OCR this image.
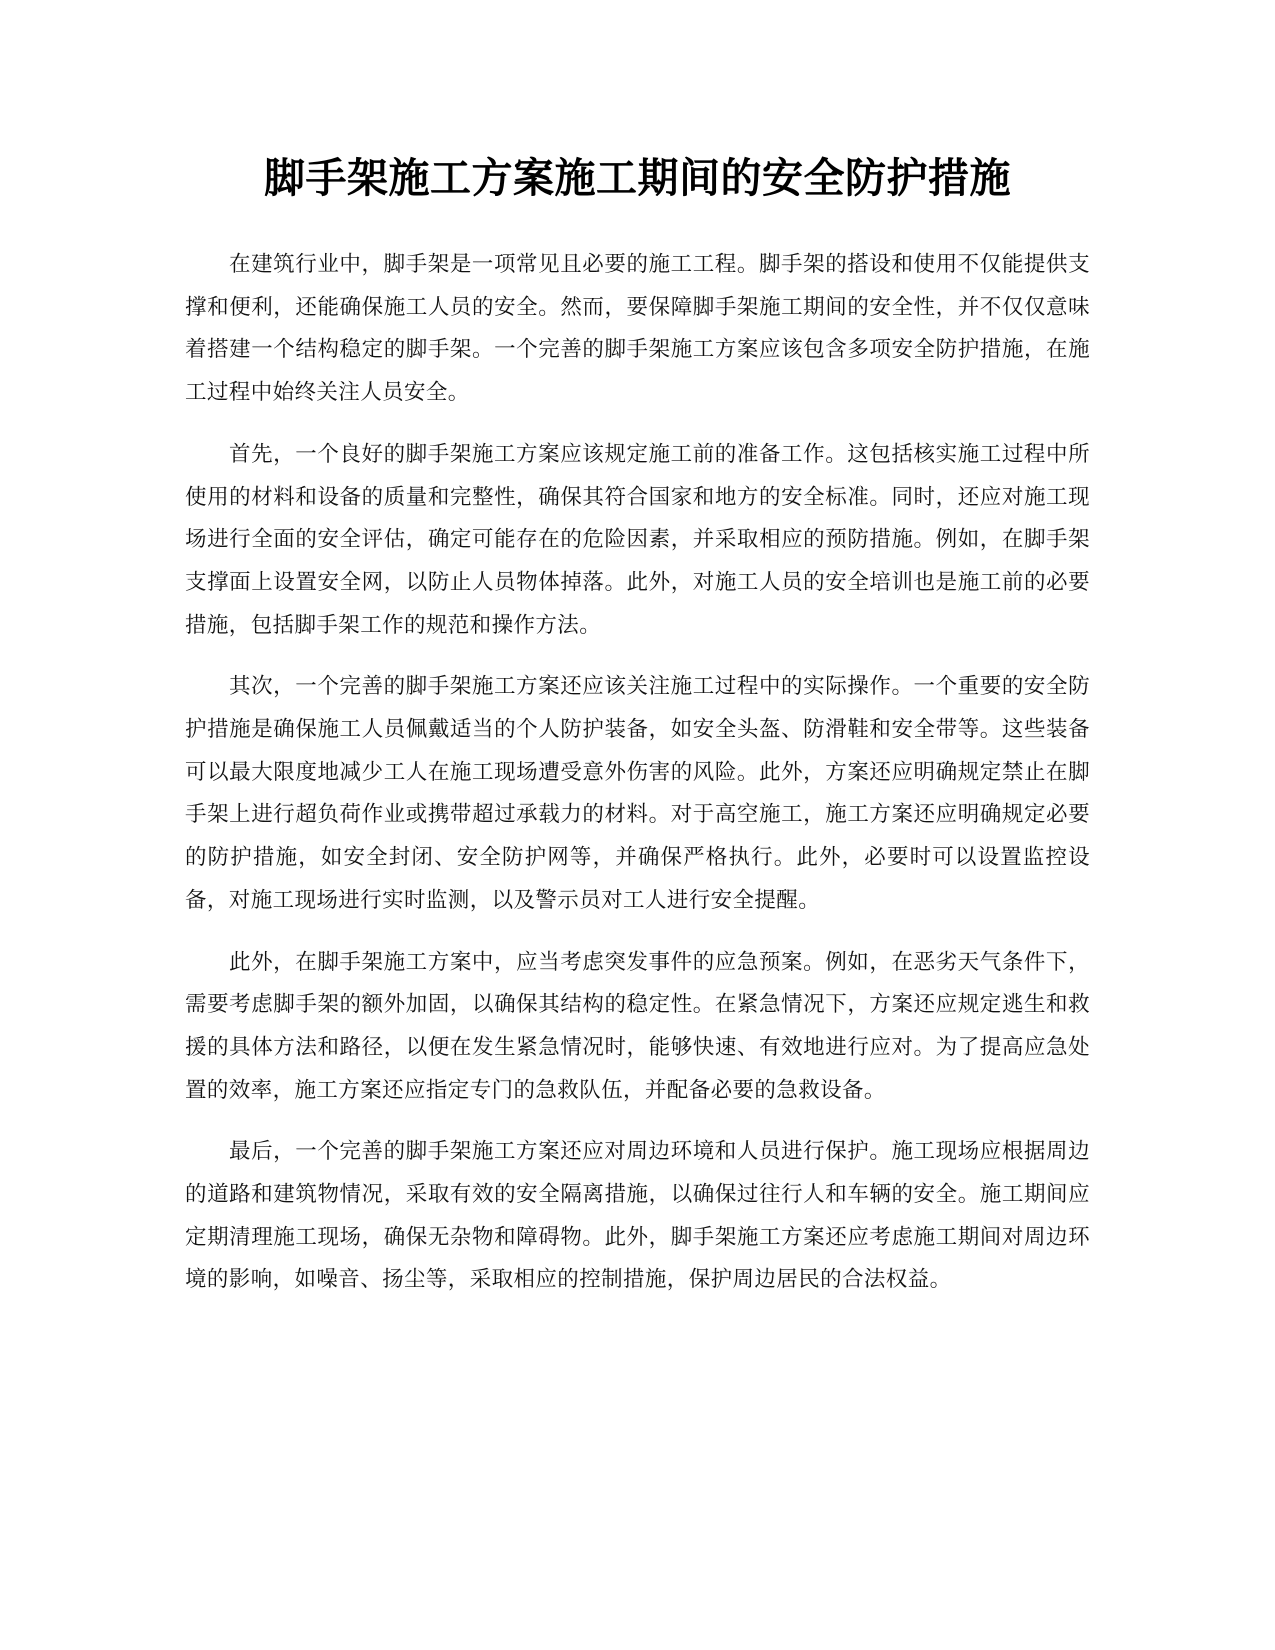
脚手架施工方案施工期间的安全防护措施

在建筑行业中，脚手架是一项常见且必要的施工工程。脚手架的搭设和使用不仅能提供支撑和便利，还能确保施工人员的安全。然而，要保障脚手架施工期间的安全性，并不仅仅意味着搭建一个结构稳定的脚手架。一个完善的脚手架施工方案应该包含多项安全防护措施，在施工过程中始终关注人员安全。

首先，一个良好的脚手架施工方案应该规定施工前的准备工作。这包括核实施工过程中所使用的材料和设备的质量和完整性，确保其符合国家和地方的安全标准。同时，还应对施工现场进行全面的安全评估，确定可能存在的危险因素，并采取相应的预防措施。例如，在脚手架支撑面上设置安全网，以防止人员物体掉落。此外，对施工人员的安全培训也是施工前的必要措施，包括脚手架工作的规范和操作方法。

其次，一个完善的脚手架施工方案还应该关注施工过程中的实际操作。一个重要的安全防护措施是确保施工人员佩戴适当的个人防护装备，如安全头盔、防滑鞋和安全带等。这些装备可以最大限度地减少工人在施工现场遭受意外伤害的风险。此外，方案还应明确规定禁止在脚手架上进行超负荷作业或携带超过承载力的材料。对于高空施工，施工方案还应明确规定必要的防护措施，如安全封闭、安全防护网等，并确保严格执行。此外，必要时可以设置监控设备，对施工现场进行实时监测，以及警示员对工人进行安全提醒。

此外，在脚手架施工方案中，应当考虑突发事件的应急预案。例如，在恶劣天气条件下，需要考虑脚手架的额外加固，以确保其结构的稳定性。在紧急情况下，方案还应规定逃生和救援的具体方法和路径，以便在发生紧急情况时，能够快速、有效地进行应对。为了提高应急处置的效率，施工方案还应指定专门的急救队伍，并配备必要的急救设备。

最后，一个完善的脚手架施工方案还应对周边环境和人员进行保护。施工现场应根据周边的道路和建筑物情况，采取有效的安全隔离措施，以确保过往行人和车辆的安全。施工期间应定期清理施工现场，确保无杂物和障碍物。此外，脚手架施工方案还应考虑施工期间对周边环境的影响，如噪音、扬尘等，采取相应的控制措施，保护周边居民的合法权益。
